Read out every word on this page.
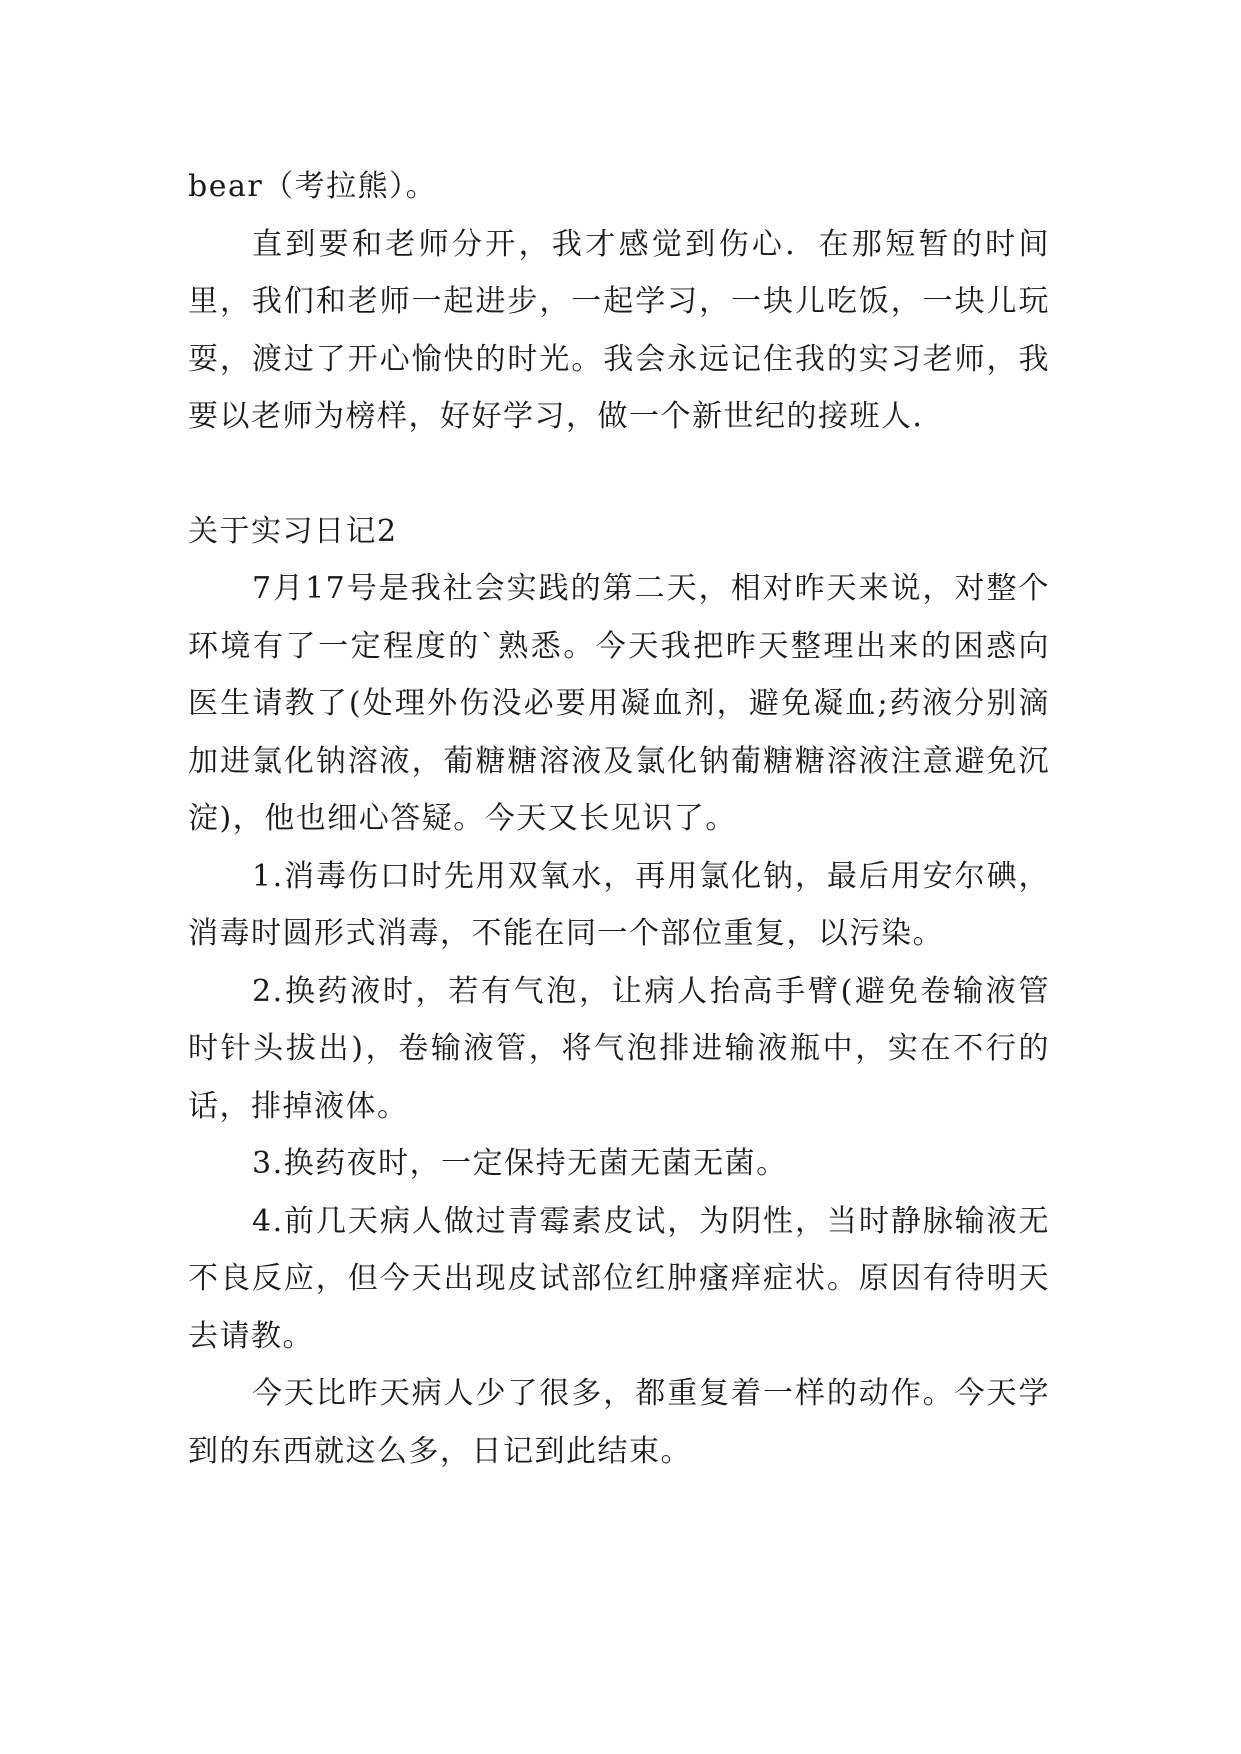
bear（考拉熊）。

直到要和老师分开，我才感觉到伤心．在那短暂的时间里，我们和老师一起进步，一起学习，一块儿吃饭，一块儿玩耍，渡过了开心愉快的时光。我会永远记住我的实习老师，我要以老师为榜样，好好学习，做一个新世纪的接班人．

关于实习日记2

7月17号是我社会实践的第二天，相对昨天来说，对整个环境有了一定程度的`熟悉。今天我把昨天整理出来的困惑向医生请教了(处理外伤没必要用凝血剂，避免凝血;药液分别滴加进氯化钠溶液，葡糖糖溶液及氯化钠葡糖糖溶液注意避免沉淀)，他也细心答疑。今天又长见识了。

1.消毒伤口时先用双氧水，再用氯化钠，最后用安尔碘，消毒时圆形式消毒，不能在同一个部位重复，以污染。

2.换药液时，若有气泡，让病人抬高手臂(避免卷输液管时针头拔出)，卷输液管，将气泡排进输液瓶中，实在不行的话，排掉液体。

3.换药夜时，一定保持无菌无菌无菌。

4.前几天病人做过青霉素皮试，为阴性，当时静脉输液无不良反应，但今天出现皮试部位红肿瘙痒症状。原因有待明天去请教。

今天比昨天病人少了很多，都重复着一样的动作。今天学到的东西就这么多，日记到此结束。
